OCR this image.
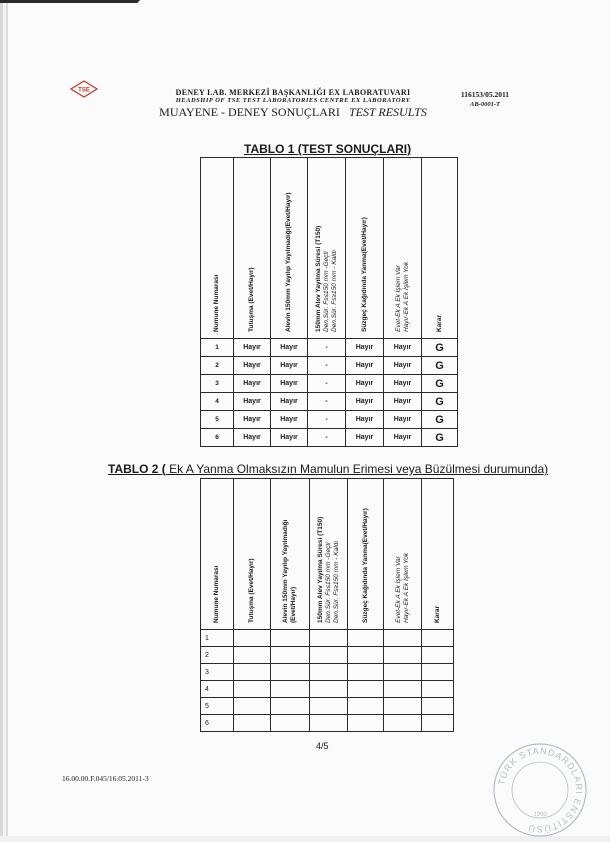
TSE	DENEY LAB. MERKEZİ BAŞKANLIĞI EX LABORATUVARI
HEADSHIP OF TSE TEST LABORATORIES CENTRE EX LABORATORY
MUAYENE - DENEY SONUÇLARI TEST RESULTS
116153/05.2011
AB-0001-T
TABLO 1 (TEST SONUÇLARI)
Numune Numarası	Tutuşma (Evet/Hayır)	Alevin 150mm Yayılıp Yayılmadığı(Evet/Hayır)	150mm Alev Yayılma Süresi (T150) Den.Sür. Fs≤150 mm -Geçti Den.Sür. Fs≥150 mm - Kaldı	Süzgeç Kağıdında Yanma(Evet/Hayır)	Evet-Ek A Ek İşlem Var Hayır-Ek A Ek İşlem Yok	Karar

1	Hayır	Hayır	-	Hayır	Hayır	G
2	Hayır	Hayır	-	Hayır	Hayır	G
3	Hayır	Hayır	-	Hayır	Hayır	G
4	Hayır	Hayır	-	Hayır	Hayır	G
5	Hayır	Hayır	-	Hayır	Hayır	G
6	Hayır	Hayır	-	Hayır	Hayır	G
TABLO 2 ( Ek A Yanma Olmaksızın Mamulun Erimesi veya Büzülmesi durumunda)
Numune Numarası	Tutuşma (Evet/Hayır)	Alevin 150mm Yayılıp Yayılmadığı (Evet/Hayır)	150mm Alev Yayılma Süresi (T150) Den.Sür. Fs≤150 mm -Geçti Den.Sür. Fs≥150 mm - Kaldı	Süzgeç Kağıdında Yanma(Evet/Hayır)	Evet-Ek A Ek İşlem Var Hayır-Ek A Ek İşlem Yok	Karar

1						
2						
3						
4						
5						
6						
4/5
16.00.00.F.045/16.05.2011-3	TÜRK STANDARDLARI ENSTİTÜSÜ
1960
